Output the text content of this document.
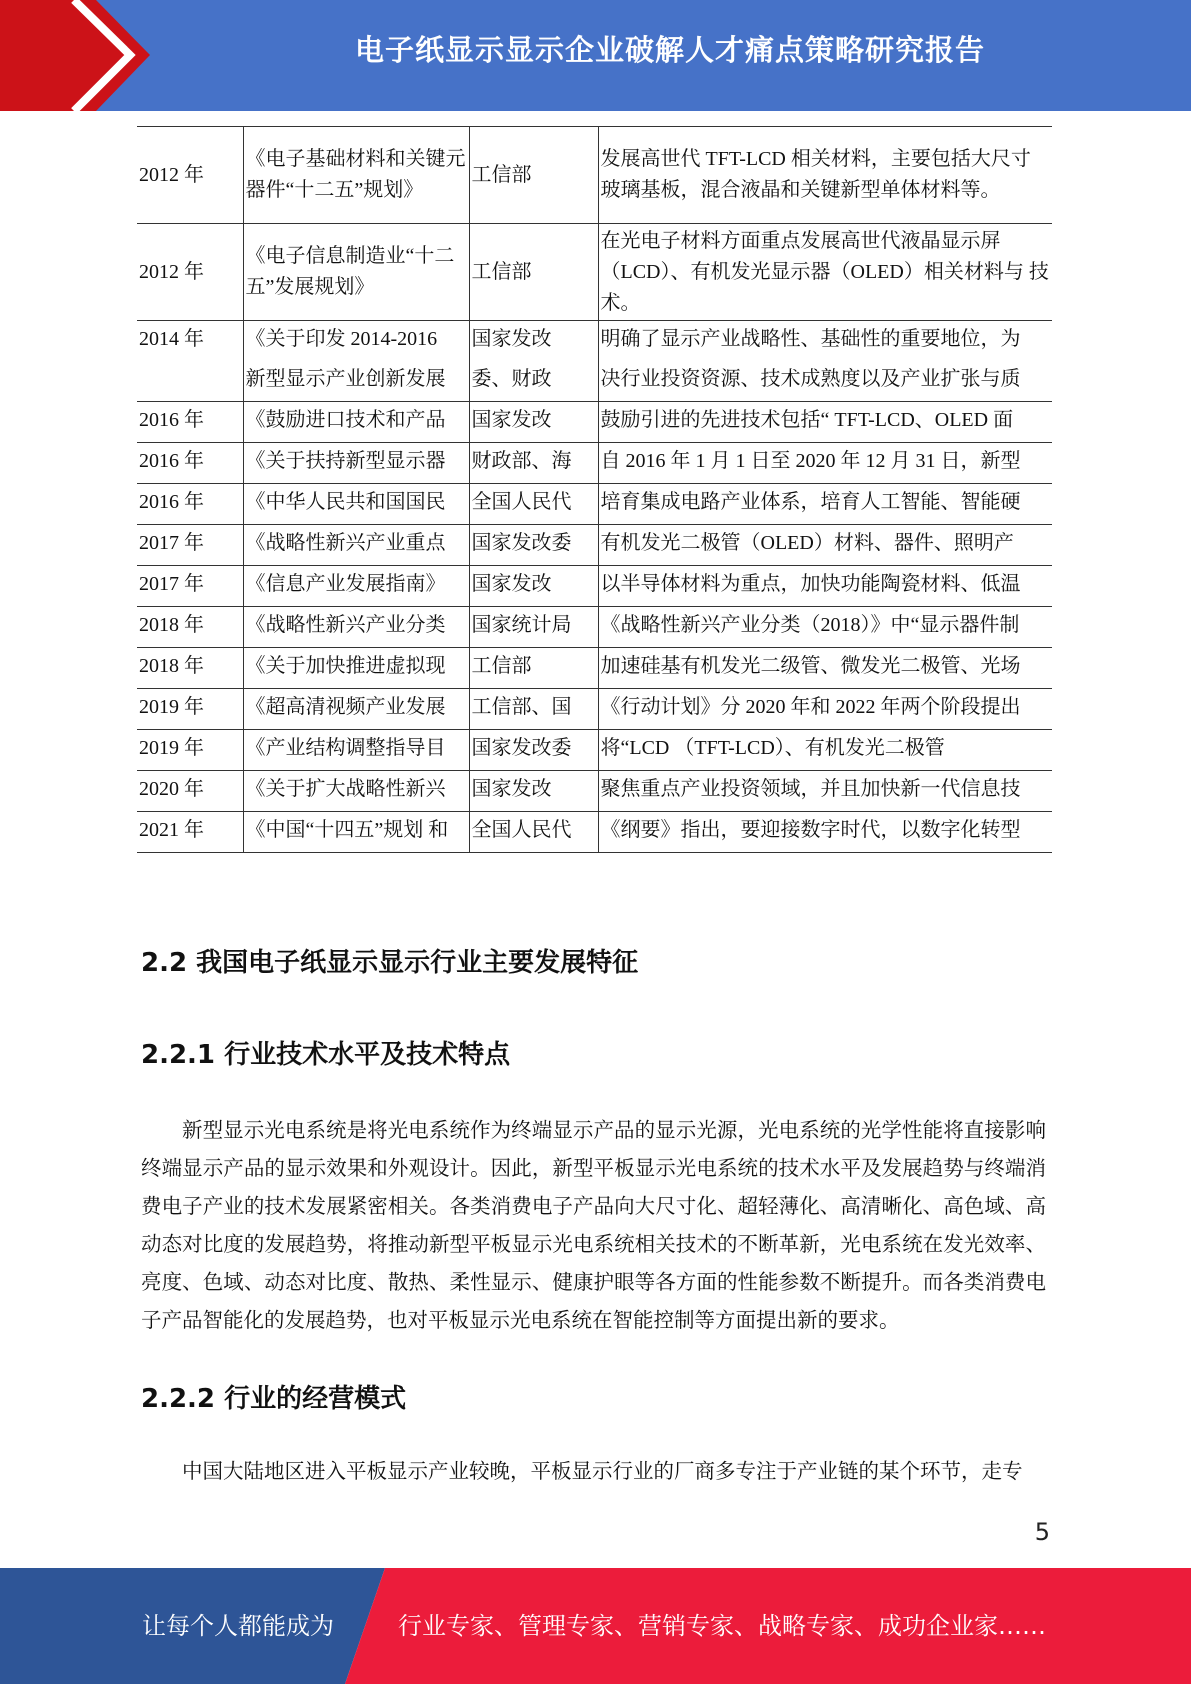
电子纸显示显示企业破解人才痛点策略研究报告
2012 年	《电子基础材料和关键元器件“十二五”规划》	工信部	发展高世代 TFT-LCD 相关材料，主要包括大尺寸玻璃基板，混合液晶和关键新型单体材料等。
2012 年	《电子信息制造业“十二五”发展规划》	工信部	在光电子材料方面重点发展高世代液晶显示屏（LCD）、有机发光显示器（OLED）相关材料与 技术。
2014 年	《关于印发 2014-2016	国家发改	明确了显示产业战略性、基础性的重要地位，为
	新型显示产业创新发展	委、财政	决行业投资资源、技术成熟度以及产业扩张与质
2016 年	《鼓励进口技术和产品	国家发改	鼓励引进的先进技术包括“ TFT-LCD、OLED 面
2016 年	《关于扶持新型显示器	财政部、海	自 2016 年 1 月 1 日至 2020 年 12 月 31 日，新型
2016 年	《中华人民共和国国民	全国人民代	培育集成电路产业体系，培育人工智能、智能硬
2017 年	《战略性新兴产业重点	国家发改委	有机发光二极管（OLED）材料、器件、照明产
2017 年	《信息产业发展指南》	国家发改	以半导体材料为重点，加快功能陶瓷材料、低温
2018 年	《战略性新兴产业分类	国家统计局	《战略性新兴产业分类（2018）》中“显示器件制
2018 年	《关于加快推进虚拟现	工信部	加速硅基有机发光二级管、微发光二极管、光场
2019 年	《超高清视频产业发展	工信部、国	《行动计划》分 2020 年和 2022 年两个阶段提出
2019 年	《产业结构调整指导目	国家发改委	将“LCD （TFT-LCD）、有机发光二极管
2020 年	《关于扩大战略性新兴	国家发改	聚焦重点产业投资领域，并且加快新一代信息技
2021 年	《中国“十四五”规划 和	全国人民代	《纲要》指出，要迎接数字时代，以数字化转型
2.2 我国电子纸显示显示行业主要发展特征
2.2.1 行业技术水平及技术特点

新型显示光电系统是将光电系统作为终端显示产品的显示光源，光电系统的光学性能将直接影响终端显示产品的显示效果和外观设计。因此，新型平板显示光电系统的技术水平及发展趋势与终端消费电子产业的技术发展紧密相关。各类消费电子产品向大尺寸化、超轻薄化、高清晰化、高色域、高动态对比度的发展趋势，将推动新型平板显示光电系统相关技术的不断革新，光电系统在发光效率、亮度、色域、动态对比度、散热、柔性显示、健康护眼等各方面的性能参数不断提升。而各类消费电子产品智能化的发展趋势，也对平板显示光电系统在智能控制等方面提出新的要求。

2.2.2 行业的经营模式

中国大陆地区进入平板显示产业较晚，平板显示行业的厂商多专注于产业链的某个环节，走专

5
让每个人都能成为	行业专家、管理专家、营销专家、战略专家、成功企业家……
